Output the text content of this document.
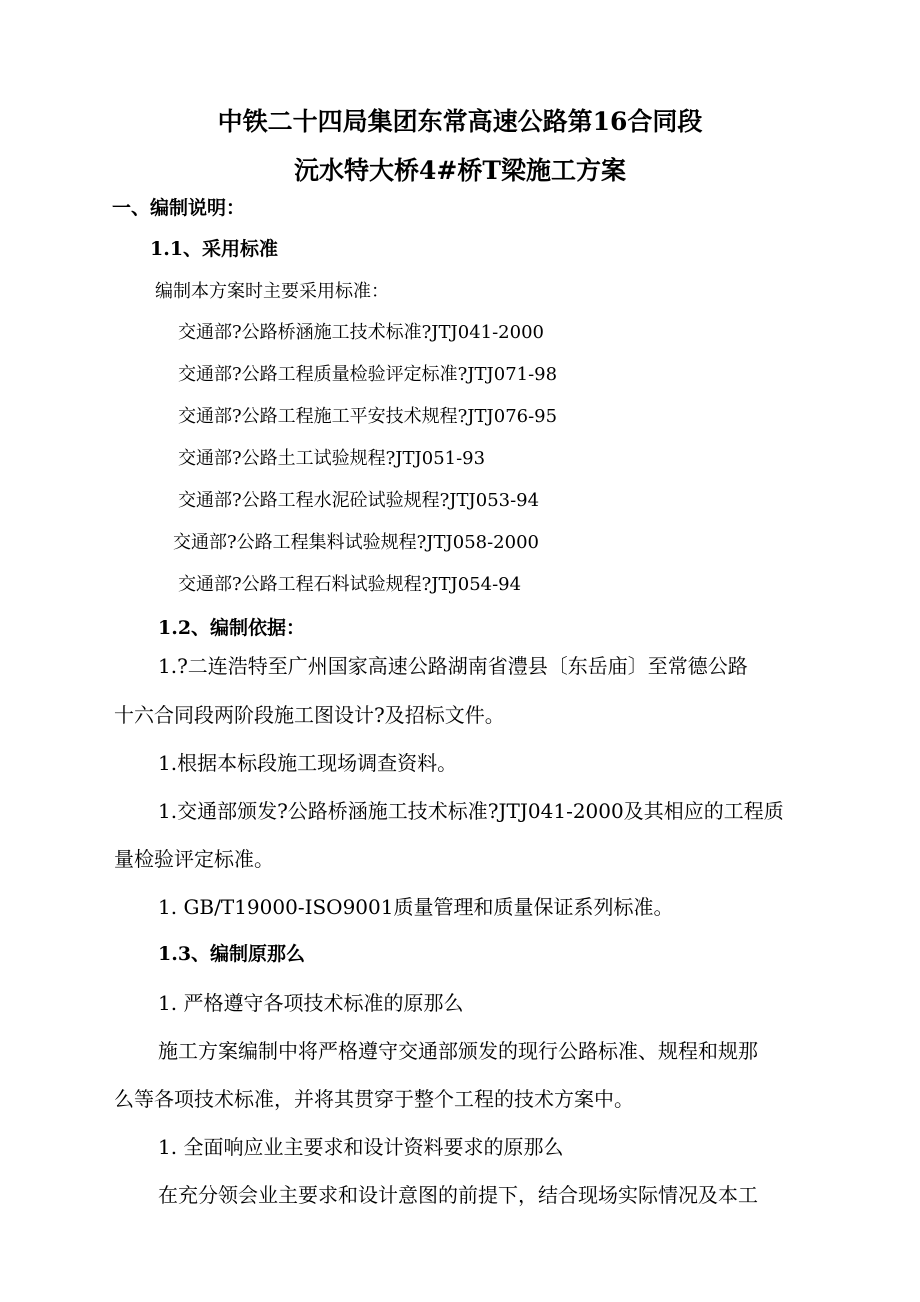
中铁二十四局集团东常高速公路第16合同段
沅水特大桥4#桥T梁施工方案
一、编制说明：
1.1、采用标准
编制本方案时主要采用标准：
交通部?公路桥涵施工技术标准?JTJ041-2000
交通部?公路工程质量检验评定标准?JTJ071-98
交通部?公路工程施工平安技术规程?JTJ076-95
交通部?公路土工试验规程?JTJ051-93
交通部?公路工程水泥砼试验规程?JTJ053-94
交通部?公路工程集料试验规程?JTJ058-2000
交通部?公路工程石料试验规程?JTJ054-94
1.2、编制依据：
1.?二连浩特至广州国家高速公路湖南省澧县〔东岳庙〕至常德公路
十六合同段两阶段施工图设计?及招标文件。
1.根据本标段施工现场调查资料。
1.交通部颁发?公路桥涵施工技术标准?JTJ041-2000及其相应的工程质
量检验评定标准。
1. GB/T19000-ISO9001质量管理和质量保证系列标准。
1.3、编制原那么
1. 严格遵守各项技术标准的原那么
施工方案编制中将严格遵守交通部颁发的现行公路标准、规程和规那
么等各项技术标准，并将其贯穿于整个工程的技术方案中。
1. 全面响应业主要求和设计资料要求的原那么
在充分领会业主要求和设计意图的前提下，结合现场实际情况及本工
